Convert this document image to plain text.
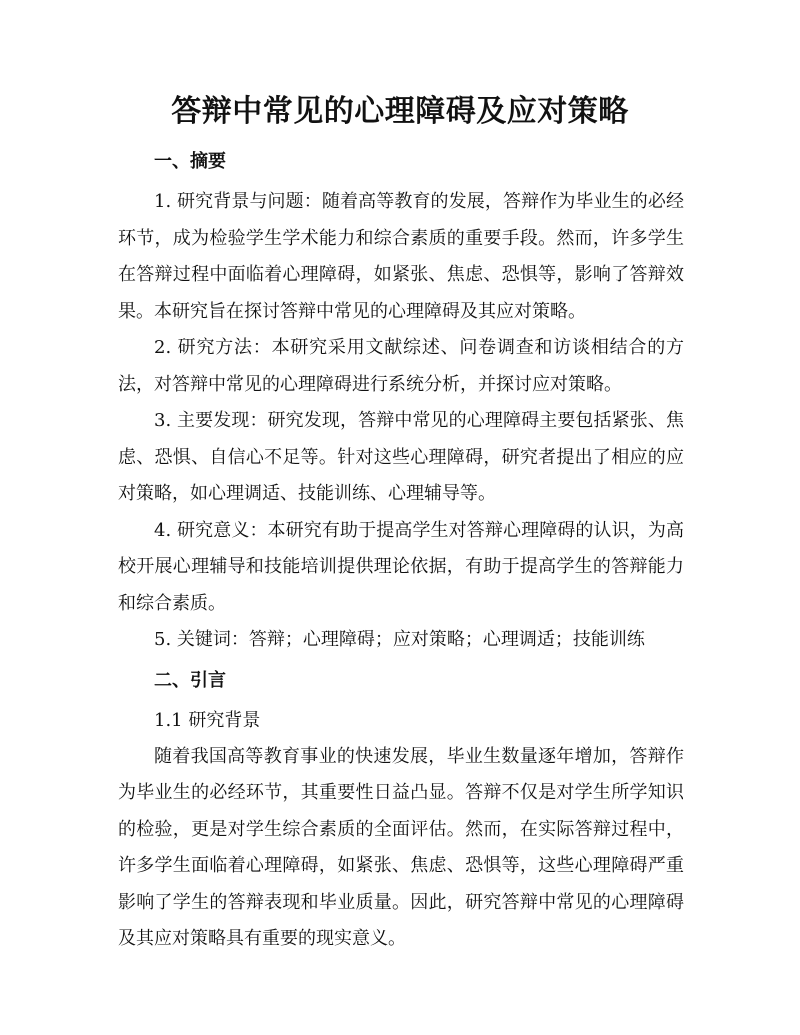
答辩中常见的心理障碍及应对策略
一、摘要

1. 研究背景与问题：随着高等教育的发展，答辩作为毕业生的必经环节，成为检验学生学术能力和综合素质的重要手段。然而，许多学生在答辩过程中面临着心理障碍，如紧张、焦虑、恐惧等，影响了答辩效果。本研究旨在探讨答辩中常见的心理障碍及其应对策略。

2. 研究方法：本研究采用文献综述、问卷调查和访谈相结合的方法，对答辩中常见的心理障碍进行系统分析，并探讨应对策略。

3. 主要发现：研究发现，答辩中常见的心理障碍主要包括紧张、焦虑、恐惧、自信心不足等。针对这些心理障碍，研究者提出了相应的应对策略，如心理调适、技能训练、心理辅导等。

4. 研究意义：本研究有助于提高学生对答辩心理障碍的认识，为高校开展心理辅导和技能培训提供理论依据，有助于提高学生的答辩能力和综合素质。

5. 关键词：答辩；心理障碍；应对策略；心理调适；技能训练

二、引言
1.1 研究背景

随着我国高等教育事业的快速发展，毕业生数量逐年增加，答辩作为毕业生的必经环节，其重要性日益凸显。答辩不仅是对学生所学知识的检验，更是对学生综合素质的全面评估。然而，在实际答辩过程中，许多学生面临着心理障碍，如紧张、焦虑、恐惧等，这些心理障碍严重影响了学生的答辩表现和毕业质量。因此，研究答辩中常见的心理障碍及其应对策略具有重要的现实意义。
